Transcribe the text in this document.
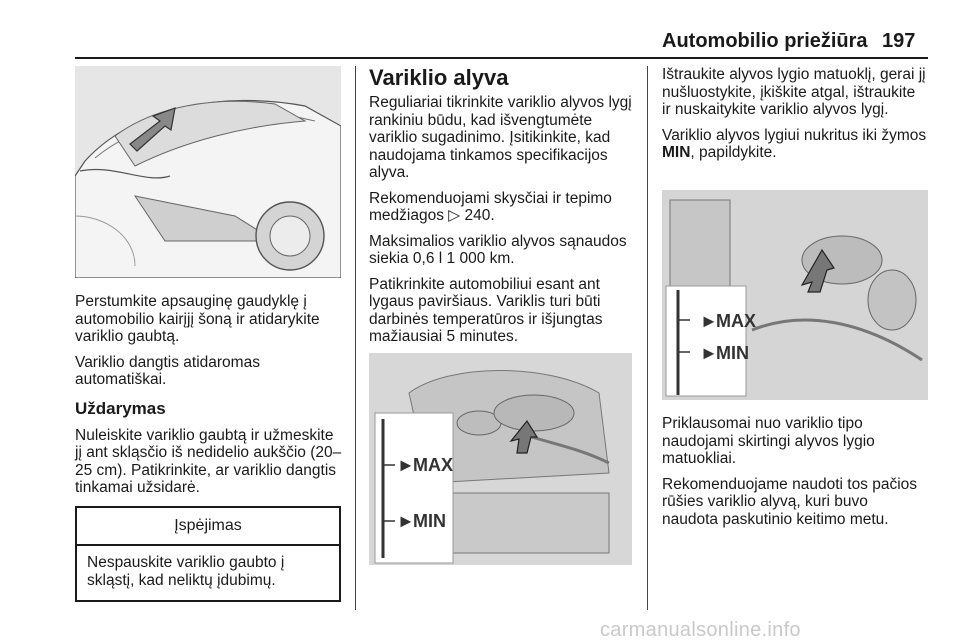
Automobilio priežiūra 197

Perstumkite apsauginę gaudyklę į automobilio kairįjį šoną ir atidarykite variklio gaubtą.

Variklio dangtis atidaromas automatiškai.

Uždarymas

Nuleiskite variklio gaubtą ir užmeskite jį ant skląsčio iš nedidelio aukščio (20–25 cm). Patikrinkite, ar variklio dangtis tinkamai užsidarė.

Įspėjimas
Nespauskite variklio gaubto į skląstį, kad neliktų įdubimų.
Variklio alyva

Reguliariai tikrinkite variklio alyvos lygį rankiniu būdu, kad išvengtumėte variklio sugadinimo. Įsitikinkite, kad naudojama tinkamos specifikacijos alyva.

Rekomenduojami skysčiai ir tepimo medžiagos ▷ 240.

Maksimalios variklio alyvos sąnaudos siekia 0,6 l 1 000 km.

Patikrinkite automobiliui esant ant lygaus paviršiaus. Variklis turi būti darbinės temperatūros ir išjungtas mažiausiai 5 minutes.

►
MAX
►
MIN

Ištraukite alyvos lygio matuoklį, gerai jį nušluostykite, įkiškite atgal, ištraukite ir nuskaitykite variklio alyvos lygį.

Variklio alyvos lygiui nukritus iki žymos MIN, papildykite.

►
MAX
►
MIN

Priklausomai nuo variklio tipo naudojami skirtingi alyvos lygio matuokliai.

Rekomenduojame naudoti tos pačios rūšies variklio alyvą, kuri buvo naudota paskutinio keitimo metu.

carmanualsonline.info
